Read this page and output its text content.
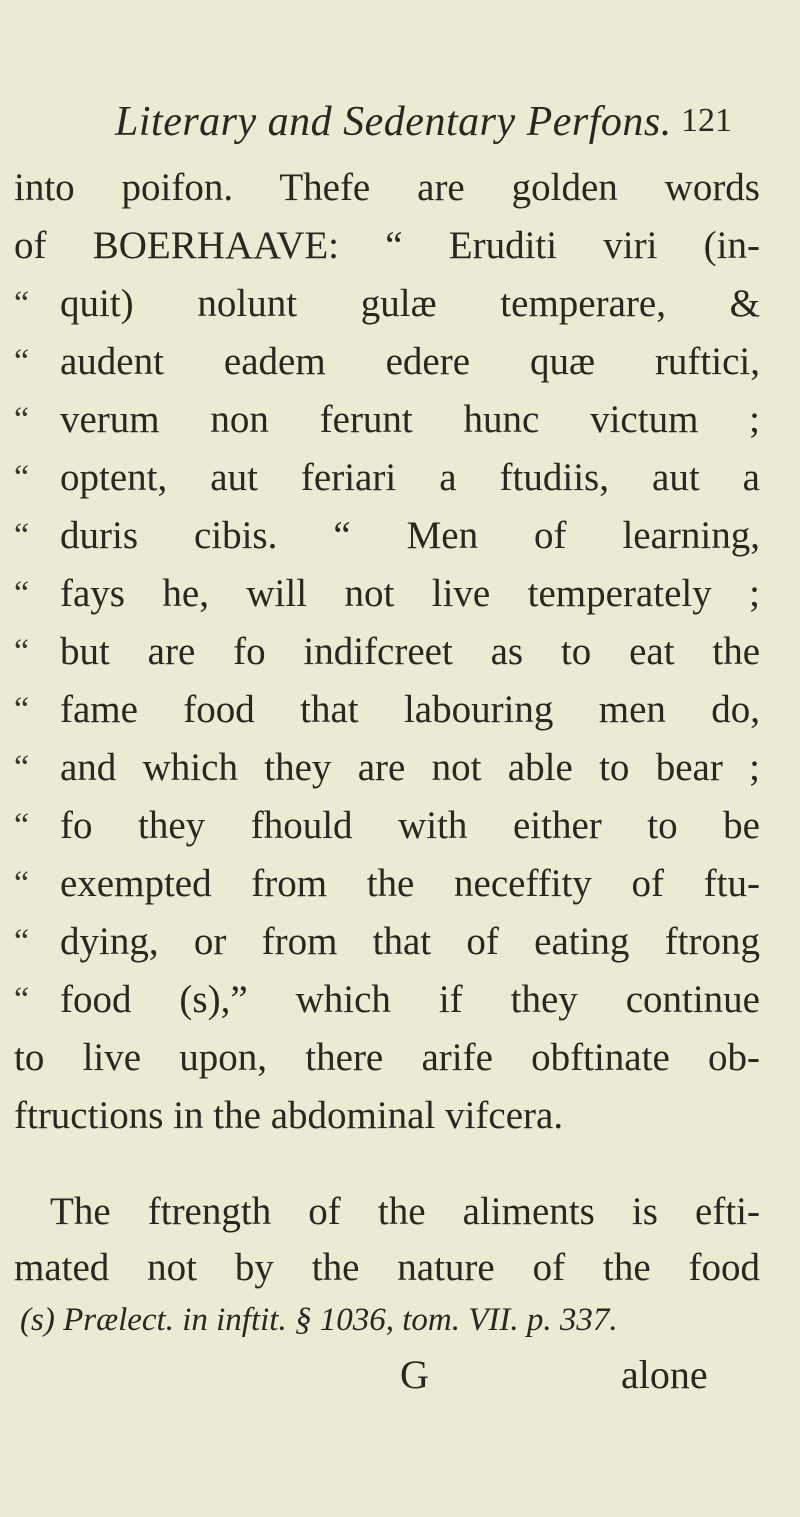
Literary and Sedentary Perfons. 121
into poifon. Thefe are golden words
of BOERHAAVE: “ Eruditi viri (in-
“ quit) nolunt gulæ temperare, &
“ audent eadem edere quæ ruftici,
“ verum non ferunt hunc victum ;
“ optent, aut feriari a ftudiis, aut a
“ duris cibis. “ Men of learning,
“ fays he, will not live temperately ;
“ but are fo indifcreet as to eat the
“ fame food that labouring men do,
“ and which they are not able to bear ;
“ fo they fhould with either to be
“ exempted from the neceffity of ftu-
“ dying, or from that of eating ftrong
“ food (s),” which if they continue
to live upon, there arife obftinate ob-
ftructions in the abdominal vifcera.
The ftrength of the aliments is efti-
mated not by the nature of the food
(s) Prælect. in inftit. § 1036, tom. VII. p. 337.
G	alone
